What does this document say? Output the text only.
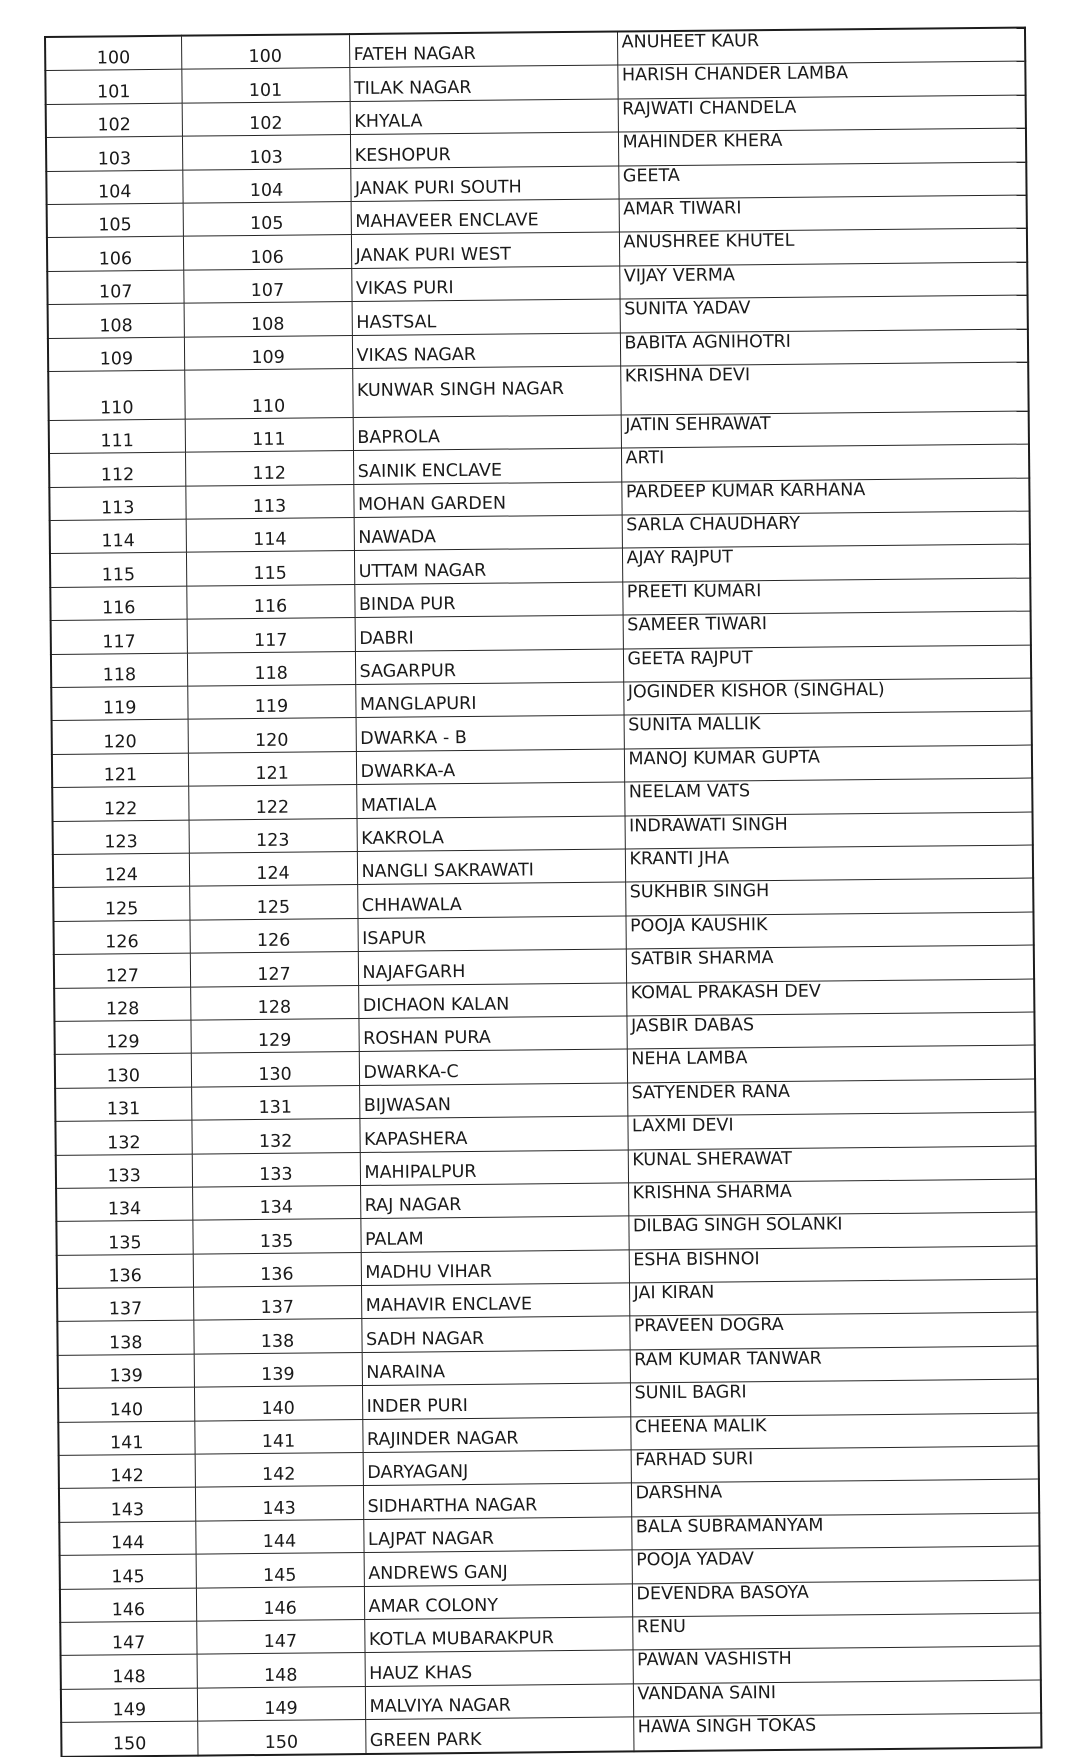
100	100	FATEH NAGAR	ANUHEET KAUR
101	101	TILAK NAGAR	HARISH CHANDER LAMBA
102	102	KHYALA	RAJWATI CHANDELA
103	103	KESHOPUR	MAHINDER KHERA
104	104	JANAK PURI SOUTH	GEETA
105	105	MAHAVEER ENCLAVE	AMAR TIWARI
106	106	JANAK PURI WEST	ANUSHREE KHUTEL
107	107	VIKAS PURI	VIJAY VERMA
108	108	HASTSAL	SUNITA YADAV
109	109	VIKAS NAGAR	BABITA AGNIHOTRI
110	110	KUNWAR SINGH NAGAR	KRISHNA DEVI
111	111	BAPROLA	JATIN SEHRAWAT
112	112	SAINIK ENCLAVE	ARTI
113	113	MOHAN GARDEN	PARDEEP KUMAR KARHANA
114	114	NAWADA	SARLA CHAUDHARY
115	115	UTTAM NAGAR	AJAY RAJPUT
116	116	BINDA PUR	PREETI KUMARI
117	117	DABRI	SAMEER TIWARI
118	118	SAGARPUR	GEETA RAJPUT
119	119	MANGLAPURI	JOGINDER KISHOR (SINGHAL)
120	120	DWARKA - B	SUNITA MALLIK
121	121	DWARKA-A	MANOJ KUMAR GUPTA
122	122	MATIALA	NEELAM VATS
123	123	KAKROLA	INDRAWATI SINGH
124	124	NANGLI SAKRAWATI	KRANTI JHA
125	125	CHHAWALA	SUKHBIR SINGH
126	126	ISAPUR	POOJA KAUSHIK
127	127	NAJAFGARH	SATBIR SHARMA
128	128	DICHAON KALAN	KOMAL PRAKASH DEV
129	129	ROSHAN PURA	JASBIR DABAS
130	130	DWARKA-C	NEHA LAMBA
131	131	BIJWASAN	SATYENDER RANA
132	132	KAPASHERA	LAXMI DEVI
133	133	MAHIPALPUR	KUNAL SHERAWAT
134	134	RAJ NAGAR	KRISHNA SHARMA
135	135	PALAM	DILBAG SINGH SOLANKI
136	136	MADHU VIHAR	ESHA BISHNOI
137	137	MAHAVIR ENCLAVE	JAI KIRAN
138	138	SADH NAGAR	PRAVEEN DOGRA
139	139	NARAINA	RAM KUMAR TANWAR
140	140	INDER PURI	SUNIL BAGRI
141	141	RAJINDER NAGAR	CHEENA MALIK
142	142	DARYAGANJ	FARHAD SURI
143	143	SIDHARTHA NAGAR	DARSHNA
144	144	LAJPAT NAGAR	BALA SUBRAMANYAM
145	145	ANDREWS GANJ	POOJA YADAV
146	146	AMAR COLONY	DEVENDRA BASOYA
147	147	KOTLA MUBARAKPUR	RENU
148	148	HAUZ KHAS	PAWAN VASHISTH
149	149	MALVIYA NAGAR	VANDANA SAINI
150	150	GREEN PARK	HAWA SINGH TOKAS
